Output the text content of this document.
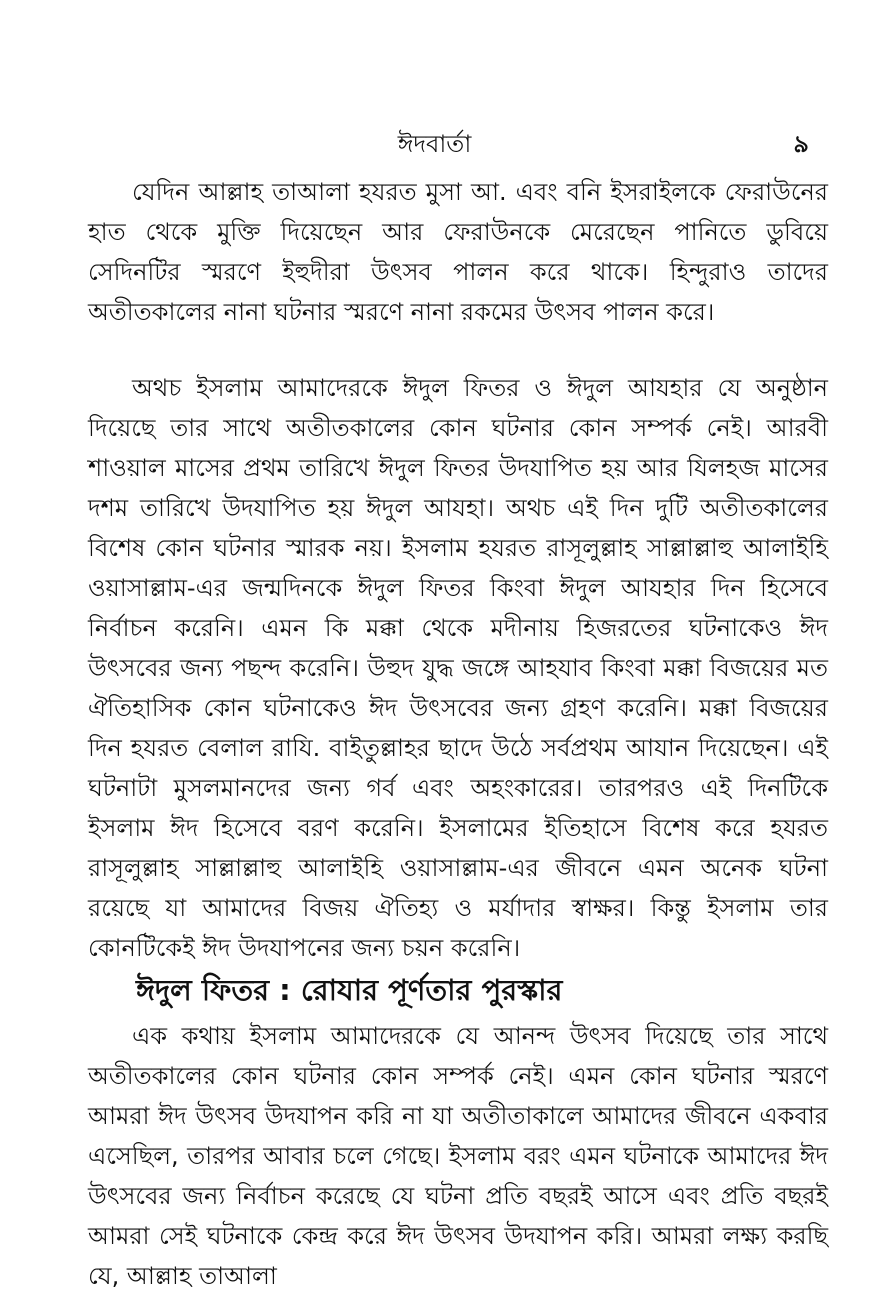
ঈদবার্তা	৯

যেদিন আল্লাহ তাআলা হযরত মুসা আ. এবং বনি ইসরাইলকে ফেরাউনের হাত থেকে মুক্তি দিয়েছেন আর ফেরাউনকে মেরেছেন পানিতে ডুবিয়ে সেদিনটির স্মরণে ইহুদীরা উৎসব পালন করে থাকে। হিন্দুরাও তাদের অতীতকালের নানা ঘটনার স্মরণে নানা রকমের উৎসব পালন করে।

অথচ ইসলাম আমাদেরকে ঈদুল ফিতর ও ঈদুল আযহার যে অনুষ্ঠান দিয়েছে তার সাথে অতীতকালের কোন ঘটনার কোন সম্পর্ক নেই। আরবী শাওয়াল মাসের প্রথম তারিখে ঈদুল ফিতর উদযাপিত হয় আর যিলহজ মাসের দশম তারিখে উদযাপিত হয় ঈদুল আযহা। অথচ এই দিন দুটি অতীতকালের বিশেষ কোন ঘটনার স্মারক নয়। ইসলাম হযরত রাসূলুল্লাহ সাল্লাল্লাহু আলাইহি ওয়াসাল্লাম-এর জন্মদিনকে ঈদুল ফিতর কিংবা ঈদুল আযহার দিন হিসেবে নির্বাচন করেনি। এমন কি মক্কা থেকে মদীনায় হিজরতের ঘটনাকেও ঈদ উৎসবের জন্য পছন্দ করেনি। উহুদ যুদ্ধ জঙ্গে আহযাব কিংবা মক্কা বিজয়ের মত ঐতিহাসিক কোন ঘটনাকেও ঈদ উৎসবের জন্য গ্রহণ করেনি। মক্কা বিজয়ের দিন হযরত বেলাল রাযি. বাইতুল্লাহর ছাদে উঠে সর্বপ্রথম আযান দিয়েছেন। এই ঘটনাটা মুসলমানদের জন্য গর্ব এবং অহংকারের। তারপরও এই দিনটিকে ইসলাম ঈদ হিসেবে বরণ করেনি। ইসলামের ইতিহাসে বিশেষ করে হযরত রাসূলুল্লাহ সাল্লাল্লাহু আলাইহি ওয়াসাল্লাম-এর জীবনে এমন অনেক ঘটনা রয়েছে যা আমাদের বিজয় ঐতিহ্য ও মর্যাদার স্বাক্ষর। কিন্তু ইসলাম তার কোনটিকেই ঈদ উদযাপনের জন্য চয়ন করেনি।

ঈদুল ফিতর : রোযার পূর্ণতার পুরস্কার

এক কথায় ইসলাম আমাদেরকে যে আনন্দ উৎসব দিয়েছে তার সাথে অতীতকালের কোন ঘটনার কোন সম্পর্ক নেই। এমন কোন ঘটনার স্মরণে আমরা ঈদ উৎসব উদযাপন করি না যা অতীতাকালে আমাদের জীবনে একবার এসেছিল, তারপর আবার চলে গেছে। ইসলাম বরং এমন ঘটনাকে আমাদের ঈদ উৎসবের জন্য নির্বাচন করেছে যে ঘটনা প্রতি বছরই আসে এবং প্রতি বছরই আমরা সেই ঘটনাকে কেন্দ্র করে ঈদ উৎসব উদযাপন করি। আমরা লক্ষ্য করছি যে, আল্লাহ তাআলা
